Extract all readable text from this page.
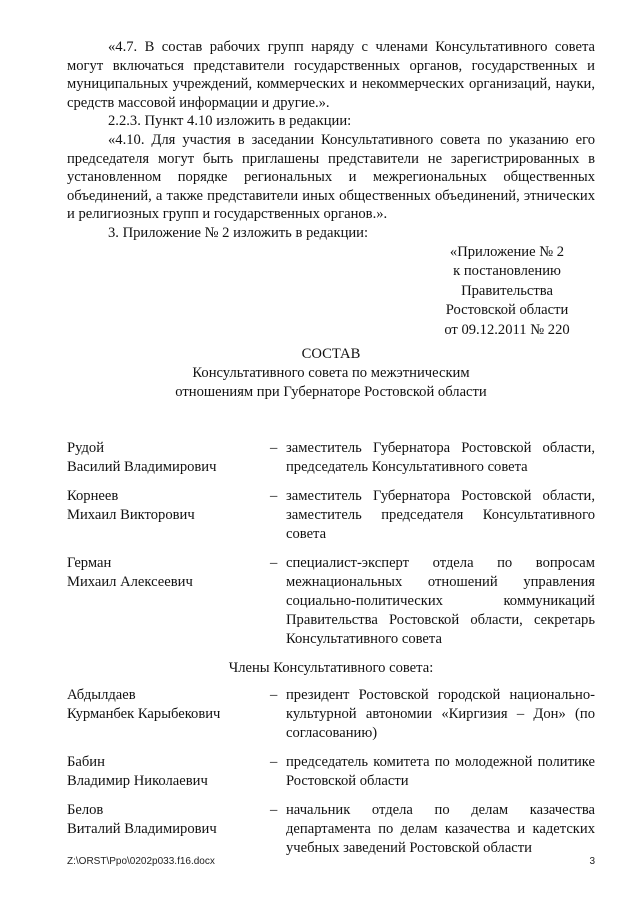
«4.7. В состав рабочих групп наряду с членами Консультативного совета могут включаться представители государственных органов, государственных и муниципальных учреждений, коммерческих и некоммерческих организаций, науки, средств массовой информации и другие.».

2.2.3. Пункт 4.10 изложить в редакции:

«4.10. Для участия в заседании Консультативного совета по указанию его председателя могут быть приглашены представители не зарегистрированных в установленном порядке региональных и межрегиональных общественных объединений, а также представители иных общественных объединений, этнических и религиозных групп и государственных органов.».

3. Приложение № 2 изложить в редакции:

«Приложение № 2
к постановлению
Правительства
Ростовской области
от 09.12.2011 № 220
СОСТАВ
Консультативного совета по межэтническим
отношениям при Губернаторе Ростовской области
Рудой
Василий Владимирович
– заместитель Губернатора Ростовской области, председатель Консультативного совета
Корнеев
Михаил Викторович
– заместитель Губернатора Ростовской области, заместитель председателя Консультативного совета
Герман
Михаил Алексеевич
– специалист-эксперт отдела по вопросам межнациональных отношений управления социально-политических коммуникаций Правительства Ростовской области, секретарь Консультативного совета
Члены Консультативного совета:
Абдылдаев
Курманбек Карыбекович
– президент Ростовской городской национально-культурной автономии «Киргизия – Дон» (по согласованию)
Бабин
Владимир Николаевич
– председатель комитета по молодежной политике Ростовской области
Белов
Виталий Владимирович
– начальник отдела по делам казачества департамента по делам казачества и кадетских учебных заведений Ростовской области
Z:\ORST\Ppo\0202p033.f16.docx	3
